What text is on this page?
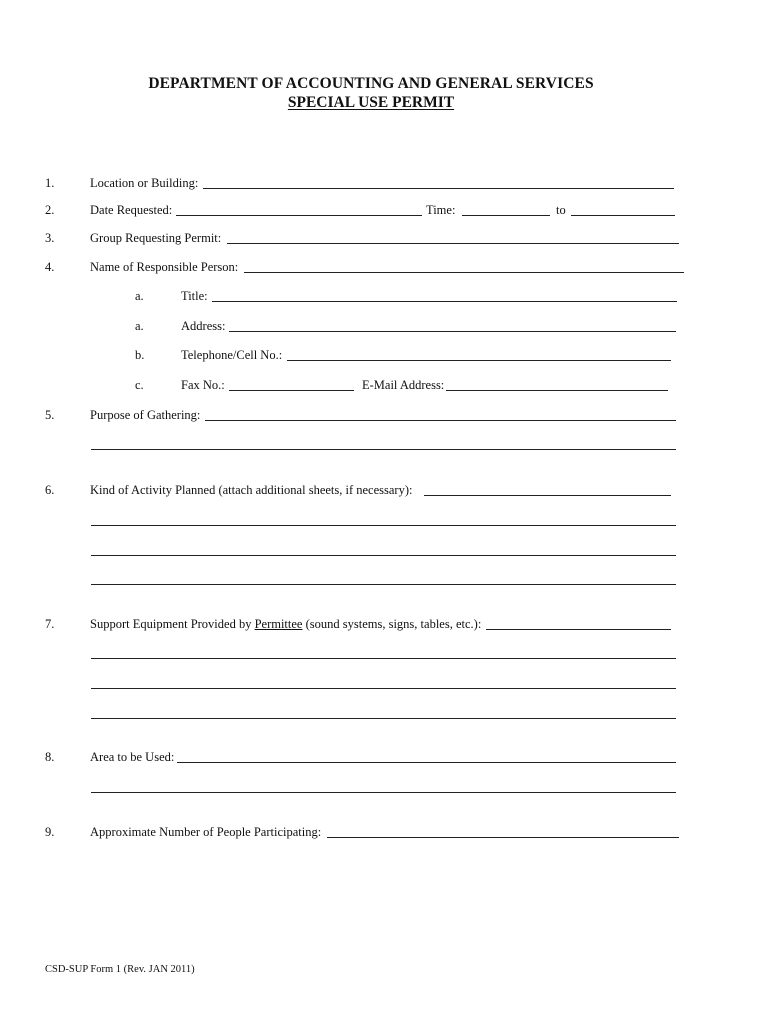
DEPARTMENT OF ACCOUNTING AND GENERAL SERVICES
SPECIAL USE PERMIT
1.	Location or Building:
2.	Date Requested:	Time:	to
3.	Group Requesting Permit:
4.	Name of Responsible Person:
a.	Title:
a.	Address:
b.	Telephone/Cell No.:
c.	Fax No.:	E-Mail Address:
5.	Purpose of Gathering:
6.	Kind of Activity Planned (attach additional sheets, if necessary):
7.	Support Equipment Provided by Permittee (sound systems, signs, tables, etc.):
8.	Area to be Used:
9.	Approximate Number of People Participating:
CSD-SUP Form 1 (Rev. JAN 2011)
